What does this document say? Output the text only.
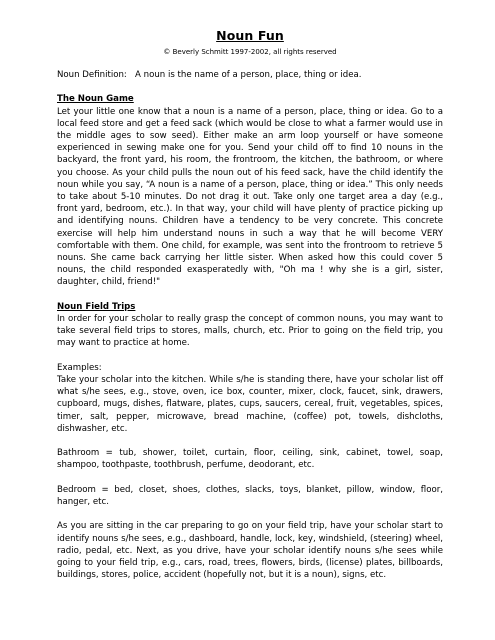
Noun Fun
© Beverly Schmitt 1997-2002, all rights reserved
Noun Definition:   A noun is the name of a person, place, thing or idea.
The Noun Game
Let your little one know that a noun is a name of a person, place, thing or idea. Go to a local feed store and get a feed sack (which would be close to what a farmer would use in the middle ages to sow seed). Either make an arm loop yourself or have someone experienced in sewing make one for you. Send your child off to find 10 nouns in the backyard, the front yard, his room, the frontroom, the kitchen, the bathroom, or where you choose. As your child pulls the noun out of his feed sack, have the child identify the noun while you say, “A noun is a name of a person, place, thing or idea.” This only needs to take about 5-10 minutes. Do not drag it out. Take only one target area a day (e.g., front yard, bedroom, etc.). In that way, your child will have plenty of practice picking up and identifying nouns. Children have a tendency to be very concrete. This concrete exercise will help him understand nouns in such a way that he will become VERY comfortable with them. One child, for example, was sent into the frontroom to retrieve 5 nouns. She came back carrying her little sister. When asked how this could cover 5 nouns, the child responded exasperatedly with, "Oh ma ! why she is a girl, sister, daughter, child, friend!"
Noun Field Trips
In order for your scholar to really grasp the concept of common nouns, you may want to take several field trips to stores, malls, church, etc. Prior to going on the field trip, you may want to practice at home.
Examples:
Take your scholar into the kitchen. While s/he is standing there, have your scholar list off what s/he sees, e.g., stove, oven, ice box, counter, mixer, clock, faucet, sink, drawers, cupboard, mugs, dishes, flatware, plates, cups, saucers, cereal, fruit, vegetables, spices, timer, salt, pepper, microwave, bread machine, (coffee) pot, towels, dishcloths, dishwasher, etc.
Bathroom = tub, shower, toilet, curtain, floor, ceiling, sink, cabinet, towel, soap, shampoo, toothpaste, toothbrush, perfume, deodorant, etc.
Bedroom = bed, closet, shoes, clothes, slacks, toys, blanket, pillow, window, floor, hanger, etc.
As you are sitting in the car preparing to go on your field trip, have your scholar start to identify nouns s/he sees, e.g., dashboard, handle, lock, key, windshield, (steering) wheel, radio, pedal, etc. Next, as you drive, have your scholar identify nouns s/he sees while going to your field trip, e.g., cars, road, trees, flowers, birds, (license) plates, billboards, buildings, stores, police, accident (hopefully not, but it is a noun), signs, etc.
